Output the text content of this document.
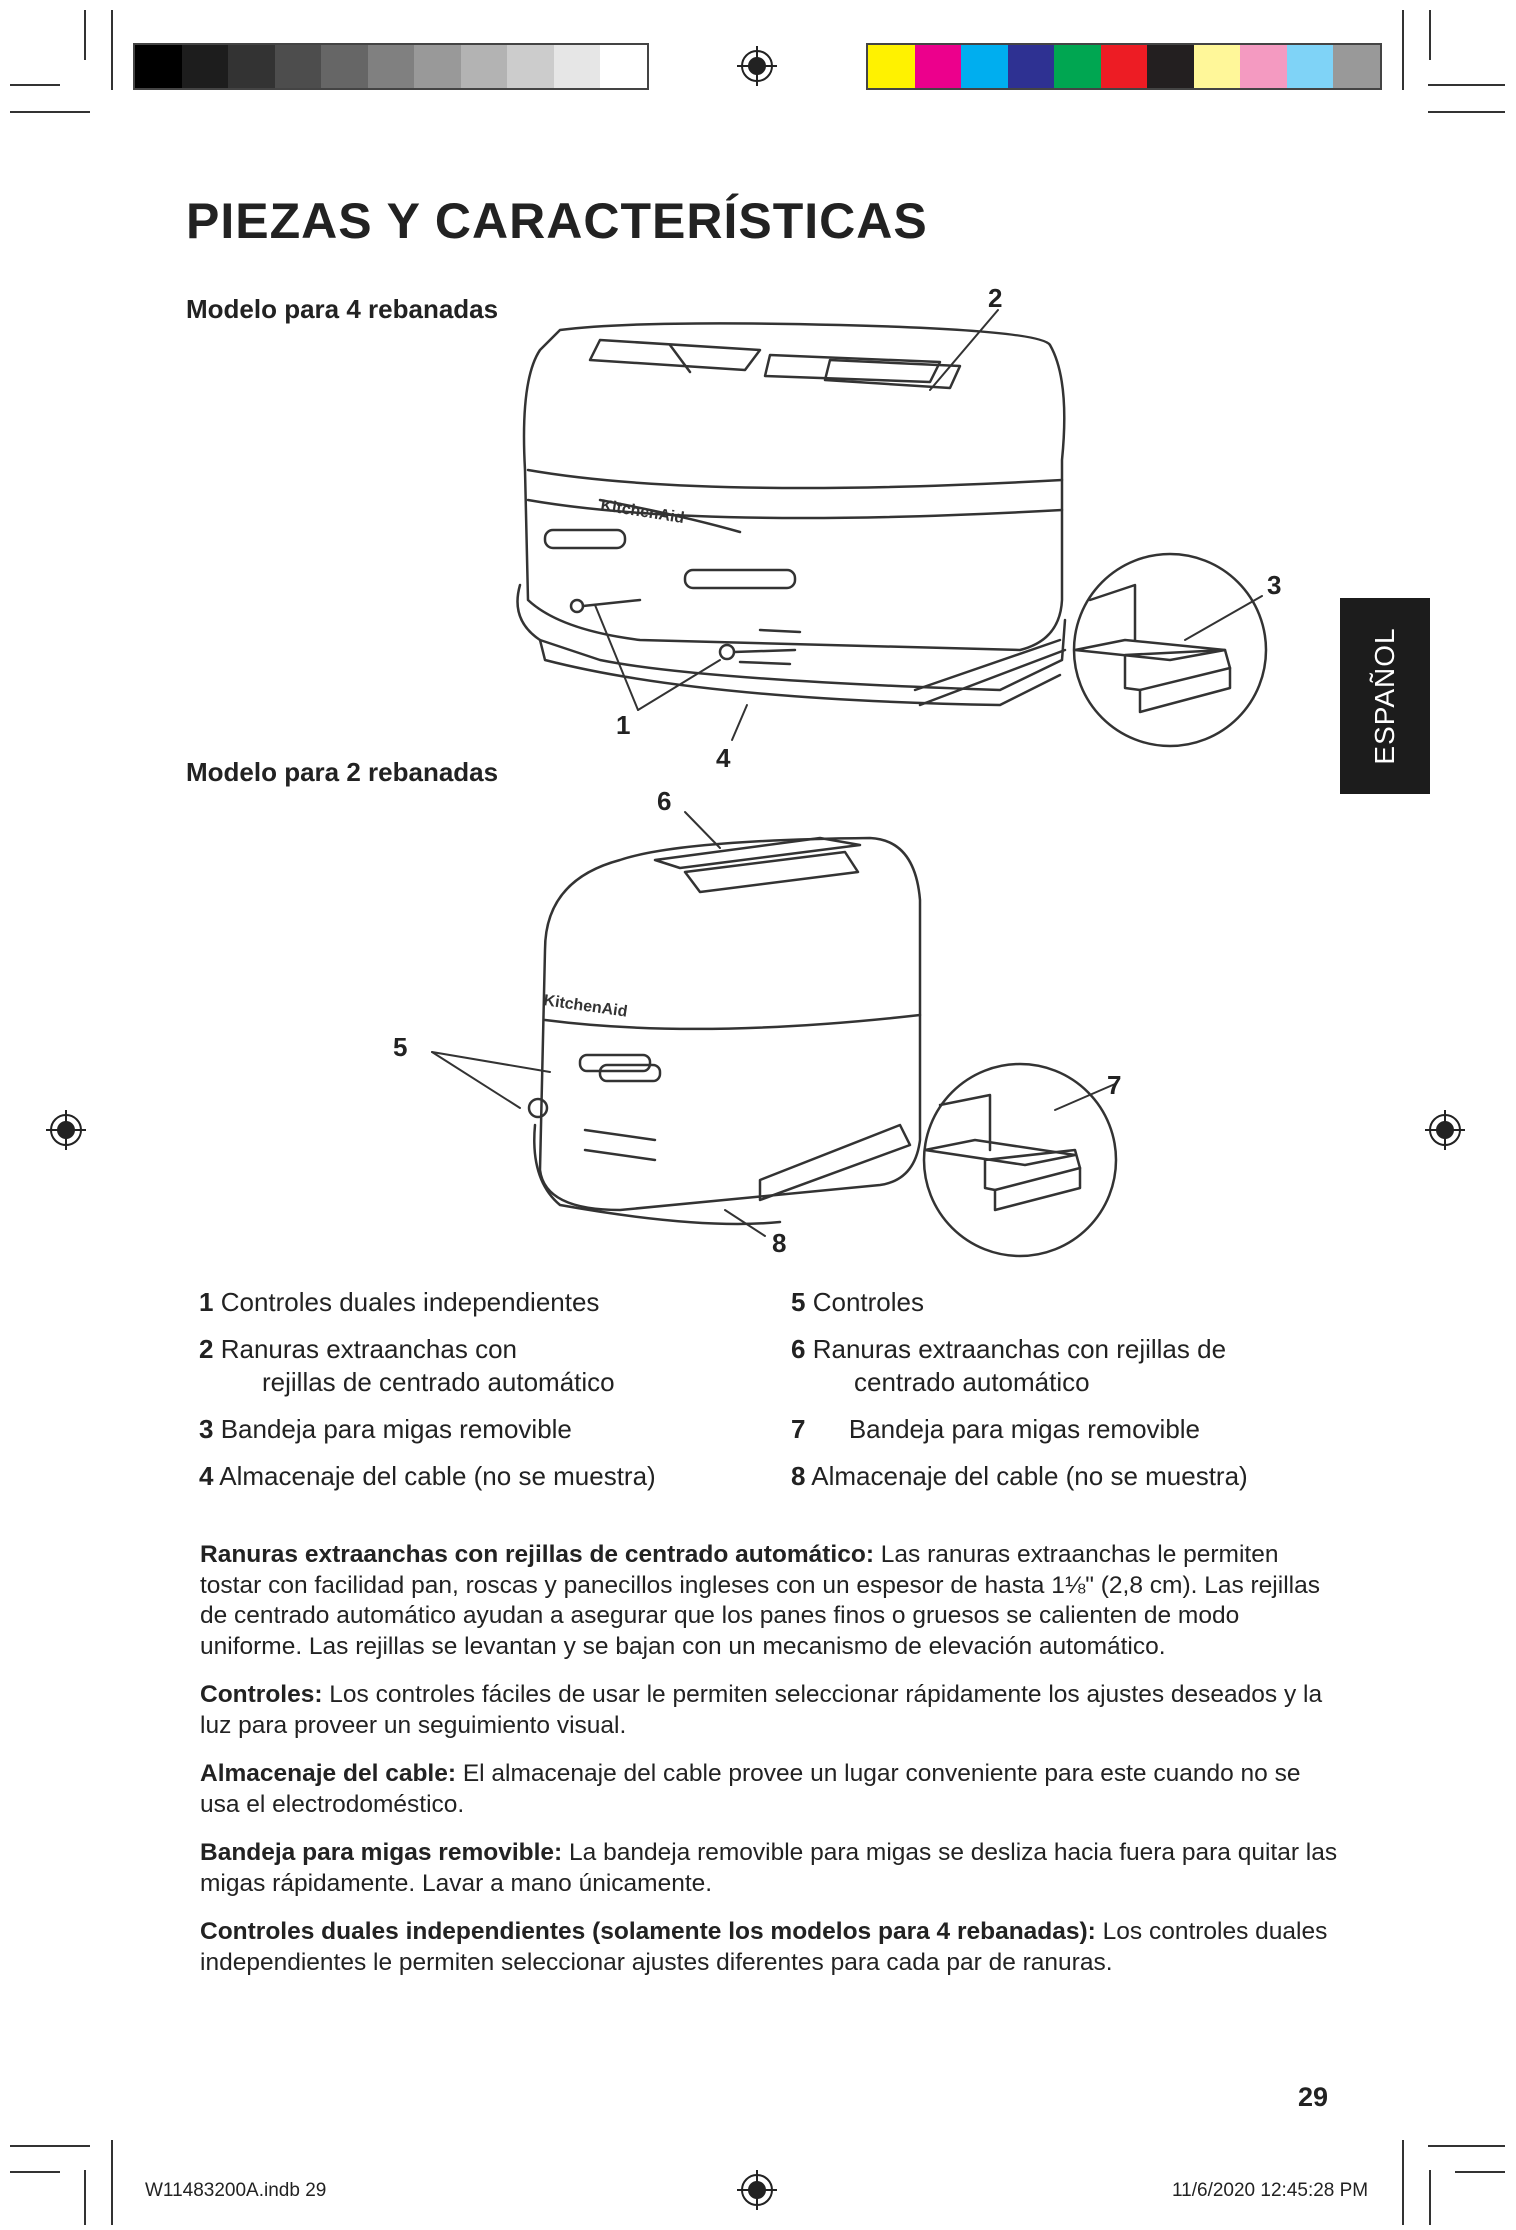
PIEZAS Y CARACTERÍSTICAS
Modelo para 4 rebanadas
Modelo para 2 rebanadas
ESPAÑOL
KitchenAid
KitchenAid
2
3
1
4
6
5
7
8
1 Controles duales independientes
2 Ranuras extraanchas con
rejillas de centrado automático
3 Bandeja para migas removible
4 Almacenaje del cable (no se muestra)
5 Controles
6 Ranuras extraanchas con rejillas de
centrado automático
7      Bandeja para migas removible
8 Almacenaje del cable (no se muestra)

Ranuras extraanchas con rejillas de centrado automático: Las ranuras extraanchas le permiten tostar con facilidad pan, roscas y panecillos ingleses con un espesor de hasta 1⅛" (2,8 cm). Las rejillas de centrado automático ayudan a asegurar que los panes finos o gruesos se calienten de modo uniforme. Las rejillas se levantan y se bajan con un mecanismo de elevación automático.

Controles: Los controles fáciles de usar le permiten seleccionar rápidamente los ajustes deseados y la luz para proveer un seguimiento visual.

Almacenaje del cable: El almacenaje del cable provee un lugar conveniente para este cuando no se usa el electrodoméstico.

Bandeja para migas removible: La bandeja removible para migas se desliza hacia fuera para quitar las migas rápidamente. Lavar a mano únicamente.

Controles duales independientes (solamente los modelos para 4 rebanadas): Los controles duales independientes le permiten seleccionar ajustes diferentes para cada par de ranuras.

29
W11483200A.indb 29	11/6/2020 12:45:28 PM
